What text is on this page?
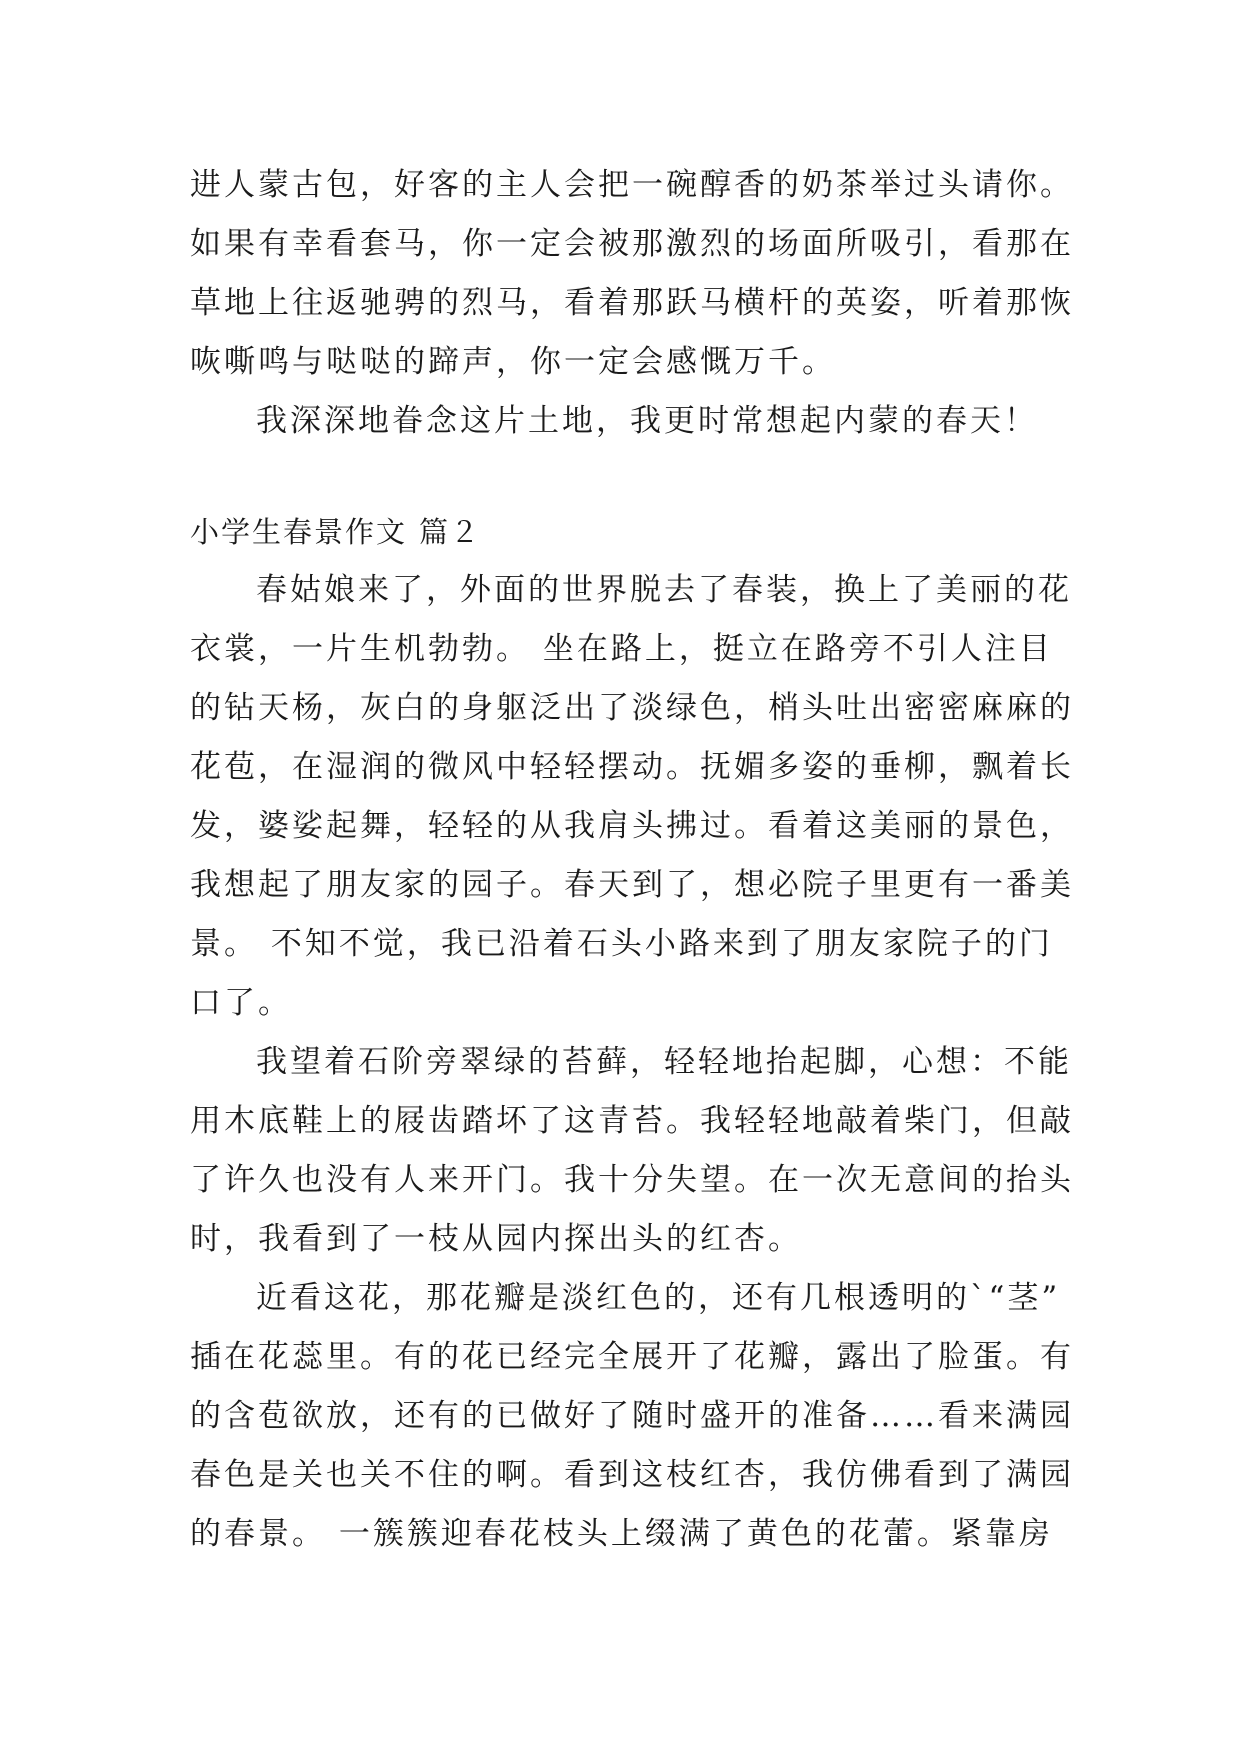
进人蒙古包，好客的主人会把一碗醇香的奶茶举过头请你。

如果有幸看套马，你一定会被那激烈的场面所吸引，看那在

草地上往返驰骋的烈马，看着那跃马横杆的英姿，听着那恢

咴嘶鸣与哒哒的蹄声，你一定会感慨万千。

我深深地眷念这片土地，我更时常想起内蒙的春天！

小学生春景作文 篇２

春姑娘来了，外面的世界脱去了春装，换上了美丽的花

衣裳，一片生机勃勃。 坐在路上，挺立在路旁不引人注目

的钻天杨，灰白的身躯泛出了淡绿色，梢头吐出密密麻麻的

花苞，在湿润的微风中轻轻摆动。抚媚多姿的垂柳，飘着长

发，婆娑起舞，轻轻的从我肩头拂过。看着这美丽的景色，

我想起了朋友家的园子。春天到了，想必院子里更有一番美

景。 不知不觉，我已沿着石头小路来到了朋友家院子的门

口了。

我望着石阶旁翠绿的苔藓，轻轻地抬起脚，心想：不能

用木底鞋上的屐齿踏坏了这青苔。我轻轻地敲着柴门，但敲

了许久也没有人来开门。我十分失望。在一次无意间的抬头

时，我看到了一枝从园内探出头的红杏。

近看这花，那花瓣是淡红色的，还有几根透明的`“茎”

插在花蕊里。有的花已经完全展开了花瓣，露出了脸蛋。有

的含苞欲放，还有的已做好了随时盛开的准备……看来满园

春色是关也关不住的啊。看到这枝红杏，我仿佛看到了满园

的春景。 一簇簇迎春花枝头上缀满了黄色的花蕾。紧靠房
